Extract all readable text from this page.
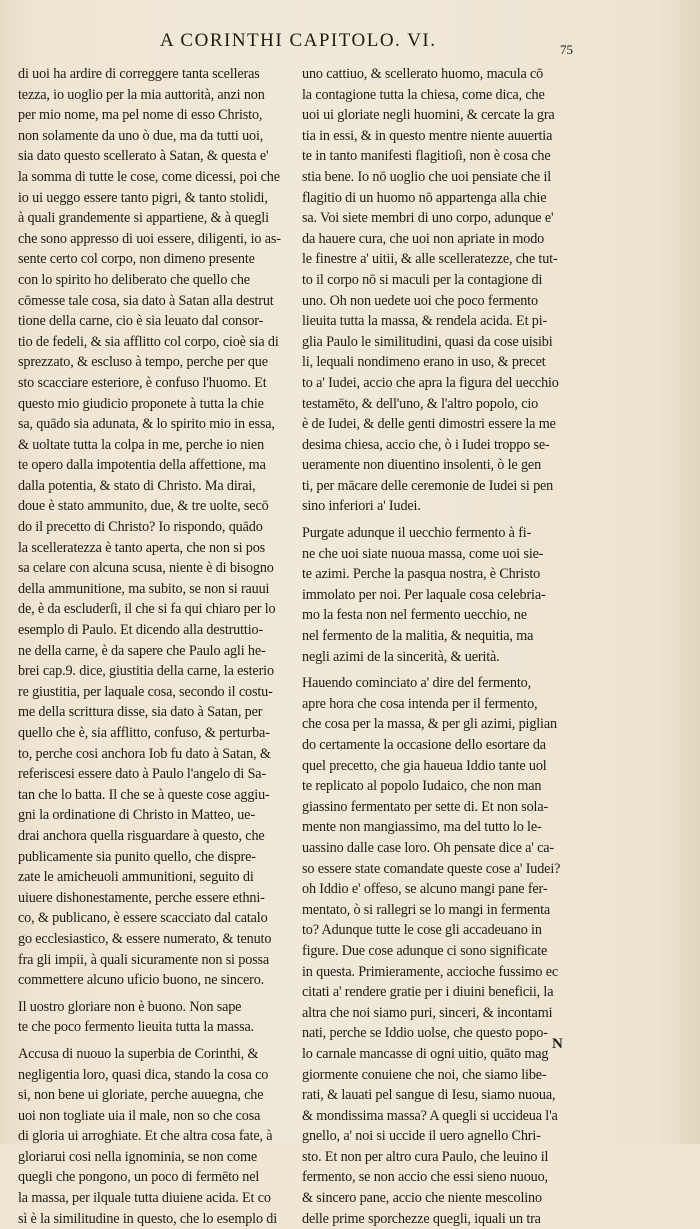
A CORINTHI CAPITOLO. VI.	75
di uoi ha ardire di correggere tanta scelleras
tezza, io uoglio per la mia auttorità, anzi non
per mio nome, ma pel nome di esso Christo,
non solamente da uno ò due, ma da tutti uoi,
sia dato questo scellerato à Satan, & questa e'
la somma di tutte le cose, come dicessi, poi che
io ui ueggo essere tanto pigri, & tanto stolidi,
à quali grandemente si appartiene, & à quegli
che sono appresso di uoi essere, diligenti, io as-
sente certo col corpo, non dimeno presente
con lo spirito ho deliberato che quello che
cōmesse tale cosa, sia dato à Satan alla destrut
tione della carne, cio è sia leuato dal consor-
tio de fedeli, & sia afflitto col corpo, cioè sia di
sprezzato, & escluso à tempo, perche per que
sto scacciare esteriore, è confuso l'huomo. Et
questo mio giudicio proponete à tutta la chie
sa, quādo sia adunata, & lo spirito mio in essa,
& uoltate tutta la colpa in me, perche io nien
te opero dalla impotentia della affettione, ma
dalla potentia, & stato di Christo. Ma dirai,
doue è stato ammunito, due, & tre uolte, secō
do il precetto di Christo? Io rispondo, quādo
la scelleratezza è tanto aperta, che non si pos
sa celare con alcuna scusa, niente è di bisogno
della ammunitione, ma subito, se non si rauui
de, è da escluderſi, il che si fa qui chiaro per lo
esemplo di Paulo. Et dicendo alla destruttio-
ne della carne, è da sapere che Paulo agli he-
brei cap.9. dice, giustitia della carne, la esterio
re giustitia, per laquale cosa, secondo il costu-
me della scrittura disse, sia dato à Satan, per
quello che è, sia afflitto, confuso, & perturba-
to, perche cosi anchora Iob fu dato à Satan, &
referiscesi essere dato à Paulo l'angelo di Sa-
tan che lo batta. Il che se à queste cose aggiu-
gni la ordinatione di Christo in Matteo, ue-
drai anchora quella risguardare à questo, che
publicamente sia punito quello, che dispre-
zate le amicheuoli ammunitioni, seguito di
uiuere dishonestamente, perche essere ethni-
co, & publicano, è essere scacciato dal catalo
go ecclesiastico, & essere numerato, & tenuto
fra gli impii, à quali sicuramente non si possa
commettere alcuno uficio buono, ne sincero.
Il uostro gloriare non è buono. Non sape
te che poco fermento lieuita tutta la massa.
Accusa di nuouo la superbia de Corinthi, &
negligentia loro, quasi dica, stando la cosa co
si, non bene ui gloriate, perche auuegna, che
uoi non togliate uia il male, non so che cosa
di gloria ui arroghiate. Et che altra cosa fate, à
gloriarui cosi nella ignominia, se non come
quegli che pongono, un poco di fermēto nel
la massa, per ilquale tutta diuiene acida. Et co
sì è la similitudine in questo, che lo esemplo di
uno cattiuo, & scellerato huomo, macula cō
la contagione tutta la chiesa, come dica, che
uoi ui gloriate negli huomini, & cercate la gra
tia in essi, & in questo mentre niente auuertia
te in tanto manifesti flagitioſi, non è cosa che
stia bene. Io nō uoglio che uoi pensiate che il
flagitio di un huomo nō appartenga alla chie
sa. Voi siete membri di uno corpo, adunque e'
da hauere cura, che uoi non apriate in modo
le finestre a' uitii, & alle scelleratezze, che tut-
to il corpo nō si maculi per la contagione di
uno. Oh non uedete uoi che poco fermento
lieuita tutta la massa, & rendela acida. Et pi-
glia Paulo le similitudini, quasi da cose uisibi
li, lequali nondimeno erano in uso, & precet
to a' Iudei, accio che apra la figura del uecchio
testamēto, & dell'uno, & l'altro popolo, cio
è de Iudei, & delle genti dimostri essere la me
desima chiesa, accio che, ò i Iudei troppo se-
ueramente non diuentino insolenti, ò le gen
ti, per mācare delle ceremonie de Iudei si pen
sino inferiori a' Iudei.
Purgate adunque il uecchio fermento à fi-
ne che uoi siate nuoua massa, come uoi sie-
te azimi. Perche la pasqua nostra, è Christo
immolato per noi. Per laquale cosa celebria-
mo la festa non nel fermento uecchio, ne
nel fermento de la malitia, & nequitia, ma
negli azimi de la sincerità, & uerità.
Hauendo cominciato a' dire del fermento,
apre hora che cosa intenda per il fermento,
che cosa per la massa, & per gli azimi, piglian
do certamente la occasione dello esortare da
quel precetto, che gia haueua Iddio tante uol
te replicato al popolo Iudaico, che non man
giassino fermentato per sette di. Et non sola-
mente non mangiassimo, ma del tutto lo le-
uassino dalle case loro. Oh pensate dice a' ca-
so essere state comandate queste cose a' Iudei?
oh Iddio e' offeso, se alcuno mangi pane fer-
mentato, ò si rallegri se lo mangi in fermenta
to? Adunque tutte le cose gli accadeuano in
figure. Due cose adunque ci sono significate
in questa. Primieramente, accioche fussimo ec
citati a' rendere gratie per i diuini beneficii, la
altra che noi siamo puri, sinceri, & incontami
nati, perche se Iddio uolse, che questo popo-
lo carnale mancasse di ogni uitio, quāto mag
giormente conuiene che noi, che siamo libe-
rati, & lauati pel sangue di Iesu, siamo nuoua,
& mondissima massa? A quegli si uccideua l'a
gnello, a' noi si uccide il uero agnello Chri-
sto. Et non per altro cura Paulo, che leuino il
fermento, se non accio che essi sieno nuouo,
& sincero pane, accio che niente mescolino
delle prime sporchezze quegli, iquali un tra
N
